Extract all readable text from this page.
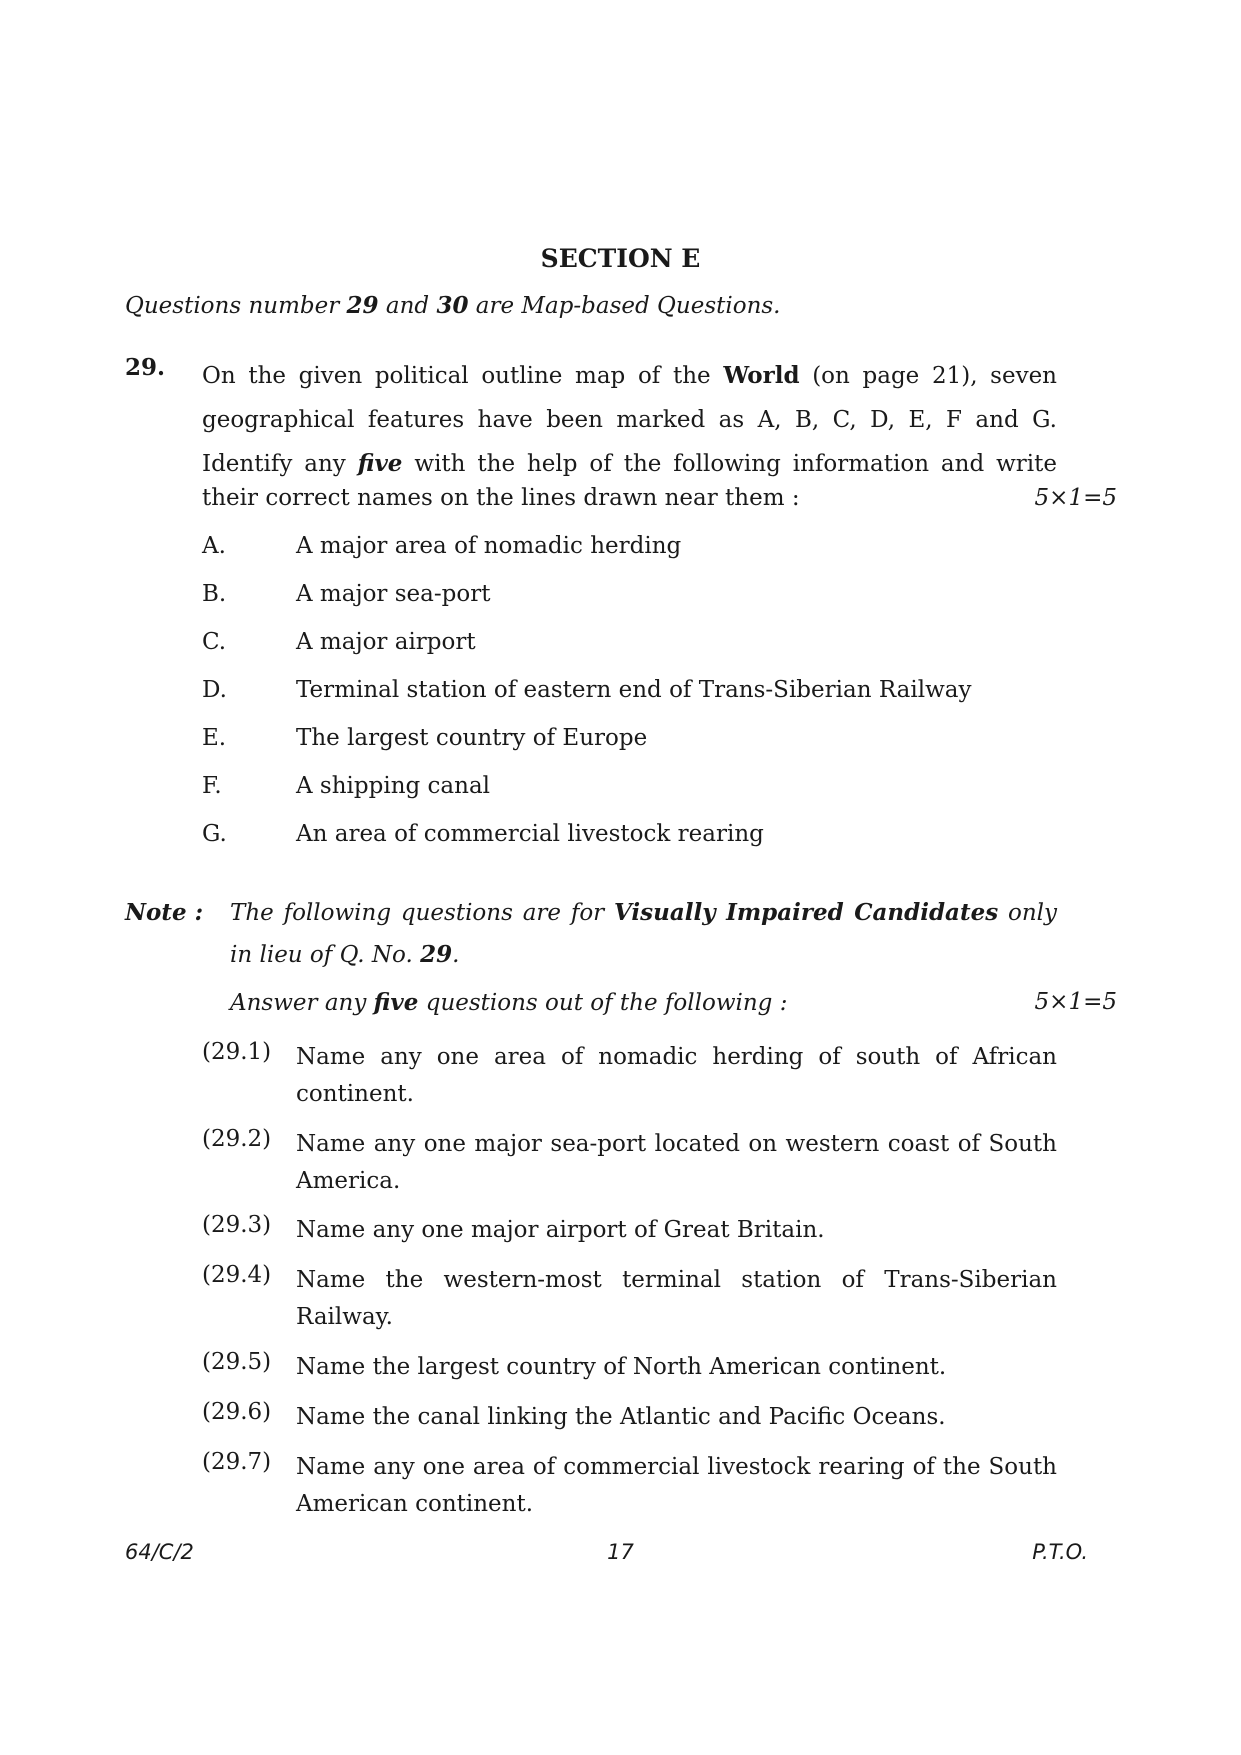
SECTION E
Questions number 29 and 30 are Map-based Questions.
29. On the given political outline map of the World (on page 21), seven
geographical features have been marked as A, B, C, D, E, F and G.
Identify any five with the help of the following information and write
their correct names on the lines drawn near them :	5×1=5
A.	A major area of nomadic herding
B.	A major sea-port
C.	A major airport
D.	Terminal station of eastern end of Trans-Siberian Railway
E.	The largest country of Europe
F.	A shipping canal
G.	An area of commercial livestock rearing
Note : The following questions are for Visually Impaired Candidates only
in lieu of Q. No. 29.
Answer any five questions out of the following :	5×1=5
(29.1) Name any one area of nomadic herding of south of African
continent.
(29.2) Name any one major sea-port located on western coast of South
America.
(29.3) Name any one major airport of Great Britain.
(29.4) Name the western-most terminal station of Trans-Siberian
Railway.
(29.5) Name the largest country of North American continent.
(29.6) Name the canal linking the Atlantic and Pacific Oceans.
(29.7) Name any one area of commercial livestock rearing of the South
American continent.
64/C/2	17	P.T.O.
